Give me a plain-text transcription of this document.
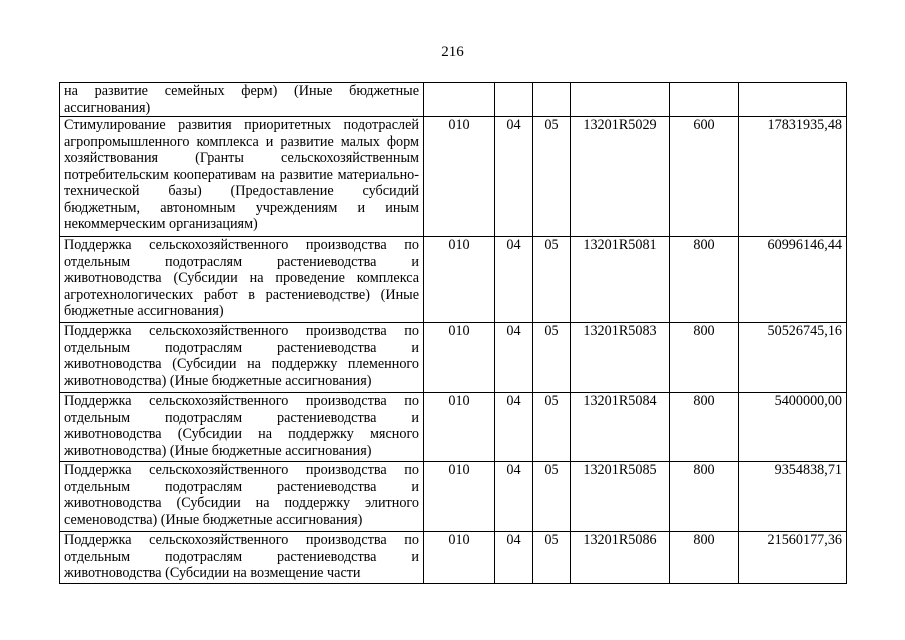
216
на развитие семейных ферм) (Иные бюджетные ассигнования)						
Стимулирование развития приоритетных подотраслей агропромышленного комплекса и развитие малых форм хозяйствования (Гранты сельскохозяйственным потребительским кооперативам на развитие материально-технической базы) (Предоставление субсидий бюджетным, автономным учреждениям и иным некоммерческим организациям)	010	04	05	13201R5029	600	17831935,48
Поддержка сельскохозяйственного производства по отдельным подотраслям растениеводства и животноводства (Субсидии на проведение комплекса агротехнологических работ в растениеводстве) (Иные бюджетные ассигнования)	010	04	05	13201R5081	800	60996146,44
Поддержка сельскохозяйственного производства по отдельным подотраслям растениеводства и животноводства (Субсидии на поддержку племенного животноводства) (Иные бюджетные ассигнования)	010	04	05	13201R5083	800	50526745,16
Поддержка сельскохозяйственного производства по отдельным подотраслям растениеводства и животноводства (Субсидии на поддержку мясного животноводства) (Иные бюджетные ассигнования)	010	04	05	13201R5084	800	5400000,00
Поддержка сельскохозяйственного производства по отдельным подотраслям растениеводства и животноводства (Субсидии на поддержку элитного семеноводства) (Иные бюджетные ассигнования)	010	04	05	13201R5085	800	9354838,71
Поддержка сельскохозяйственного производства по отдельным подотраслям растениеводства и животноводства (Субсидии на возмещение части	010	04	05	13201R5086	800	21560177,36
